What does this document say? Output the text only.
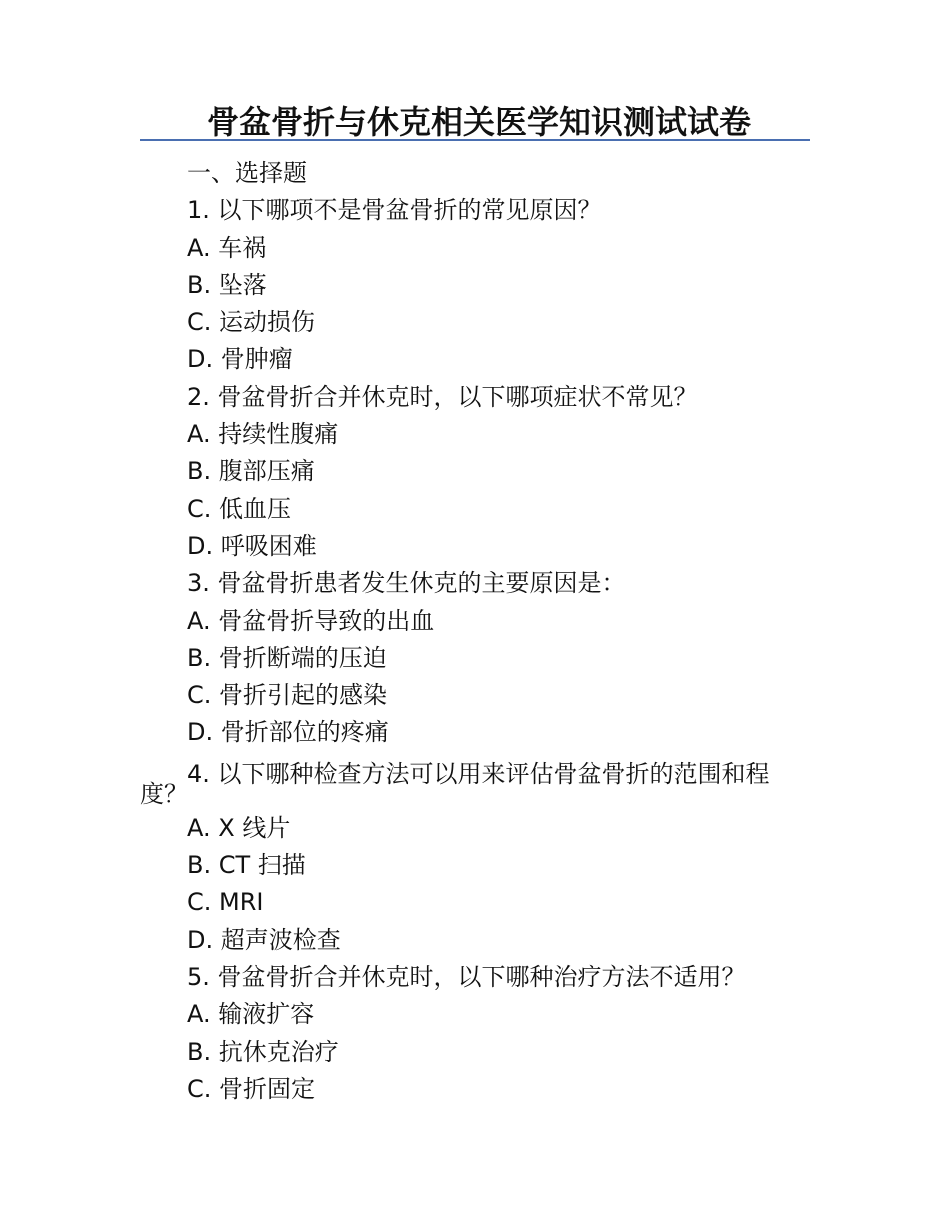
骨盆骨折与休克相关医学知识测试试卷
一、选择题
1. 以下哪项不是骨盆骨折的常见原因？
A. 车祸
B. 坠落
C. 运动损伤
D. 骨肿瘤
2. 骨盆骨折合并休克时，以下哪项症状不常见？
A. 持续性腹痛
B. 腹部压痛
C. 低血压
D. 呼吸困难
3. 骨盆骨折患者发生休克的主要原因是：
A. 骨盆骨折导致的出血
B. 骨折断端的压迫
C. 骨折引起的感染
D. 骨折部位的疼痛
4. 以下哪种检查方法可以用来评估骨盆骨折的范围和程度？
A. X 线片
B. CT 扫描
C. MRI
D. 超声波检查
5. 骨盆骨折合并休克时，以下哪种治疗方法不适用？
A. 输液扩容
B. 抗休克治疗
C. 骨折固定
